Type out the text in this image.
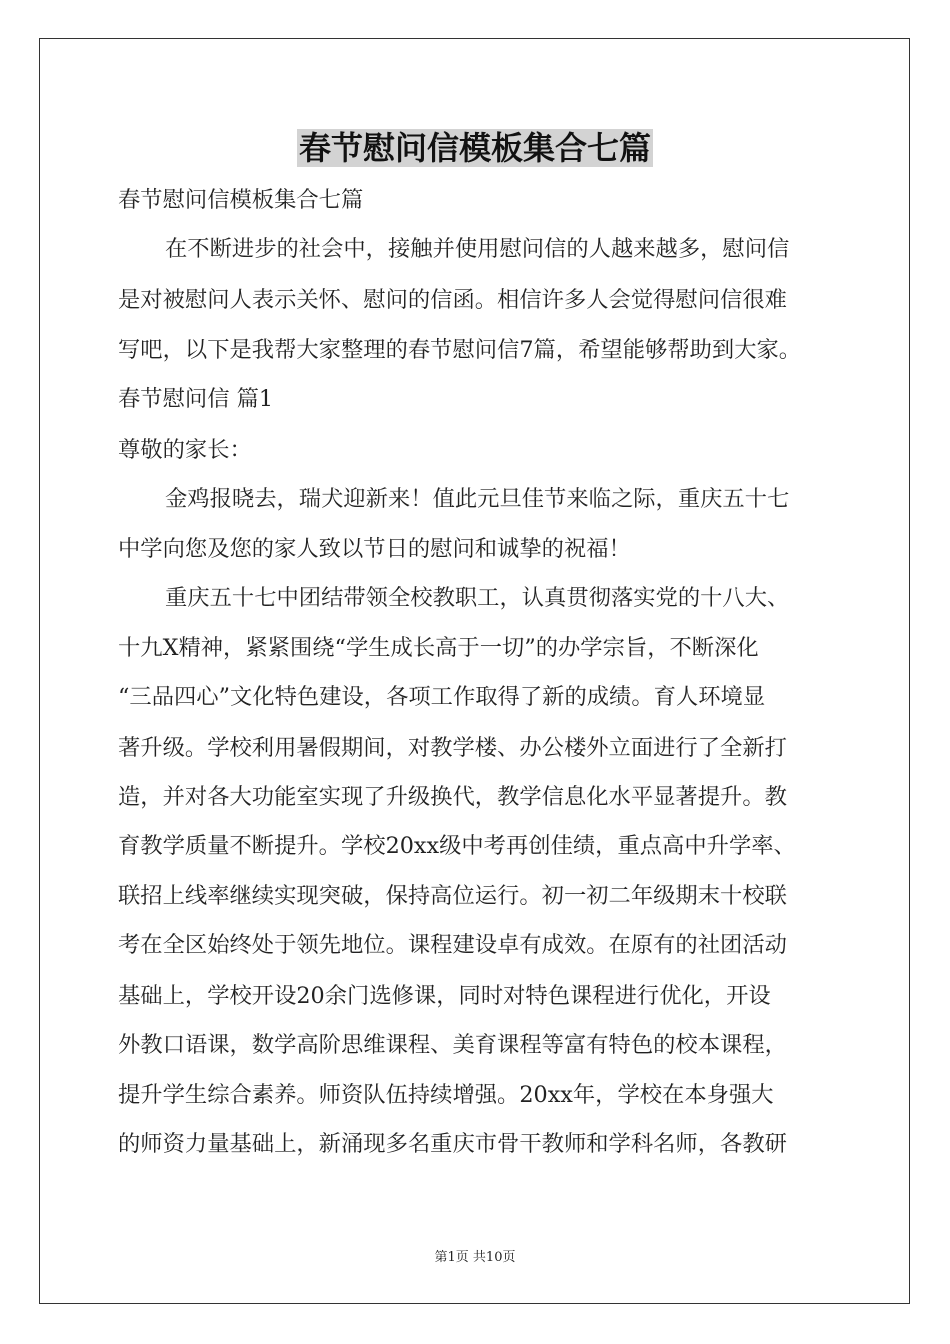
春节慰问信模板集合七篇
春节慰问信模板集合七篇
在不断进步的社会中，接触并使用慰问信的人越来越多，慰问信
是对被慰问人表示关怀、慰问的信函。相信许多人会觉得慰问信很难
写吧，以下是我帮大家整理的春节慰问信7篇，希望能够帮助到大家。
春节慰问信 篇1
尊敬的家长：
金鸡报晓去，瑞犬迎新来！值此元旦佳节来临之际，重庆五十七
中学向您及您的家人致以节日的慰问和诚挚的祝福！
重庆五十七中团结带领全校教职工，认真贯彻落实党的十八大、
十九X精神，紧紧围绕“学生成长高于一切”的办学宗旨，不断深化
“三品四心”文化特色建设，各项工作取得了新的成绩。育人环境显
著升级。学校利用暑假期间，对教学楼、办公楼外立面进行了全新打
造，并对各大功能室实现了升级换代，教学信息化水平显著提升。教
育教学质量不断提升。学校20xx级中考再创佳绩，重点高中升学率、
联招上线率继续实现突破，保持高位运行。初一初二年级期末十校联
考在全区始终处于领先地位。课程建设卓有成效。在原有的社团活动
基础上，学校开设20余门选修课，同时对特色课程进行优化，开设
外教口语课，数学高阶思维课程、美育课程等富有特色的校本课程，
提升学生综合素养。师资队伍持续增强。20xx年，学校在本身强大
的师资力量基础上，新涌现多名重庆市骨干教师和学科名师，各教研
第1页 共10页
